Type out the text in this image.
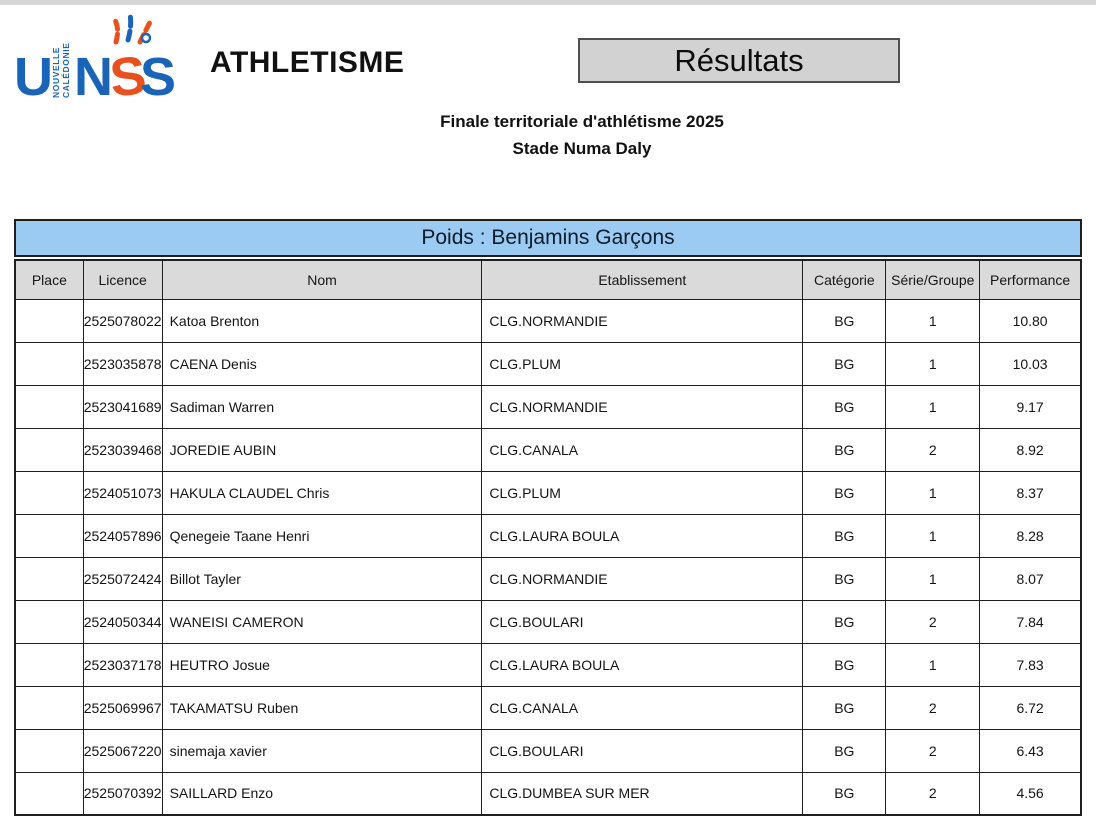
U NOUVELLE
CALÉDONIE N
S
S ATHLETISME	Résultats
Finale territoriale d'athlétisme 2025
Stade Numa Daly
Poids : Benjamins Garçons
Place	Licence	Nom	Etablissement	Catégorie	Série/Groupe	Performance
	2525078022	Katoa Brenton	CLG.NORMANDIE	BG	1	10.80
	2523035878	CAENA Denis	CLG.PLUM	BG	1	10.03
	2523041689	Sadiman Warren	CLG.NORMANDIE	BG	1	9.17
	2523039468	JOREDIE AUBIN	CLG.CANALA	BG	2	8.92
	2524051073	HAKULA CLAUDEL Chris	CLG.PLUM	BG	1	8.37
	2524057896	Qenegeie Taane Henri	CLG.LAURA BOULA	BG	1	8.28
	2525072424	Billot Tayler	CLG.NORMANDIE	BG	1	8.07
	2524050344	WANEISI CAMERON	CLG.BOULARI	BG	2	7.84
	2523037178	HEUTRO Josue	CLG.LAURA BOULA	BG	1	7.83
	2525069967	TAKAMATSU Ruben	CLG.CANALA	BG	2	6.72
	2525067220	sinemaja xavier	CLG.BOULARI	BG	2	6.43
	2525070392	SAILLARD Enzo	CLG.DUMBEA SUR MER	BG	2	4.56
